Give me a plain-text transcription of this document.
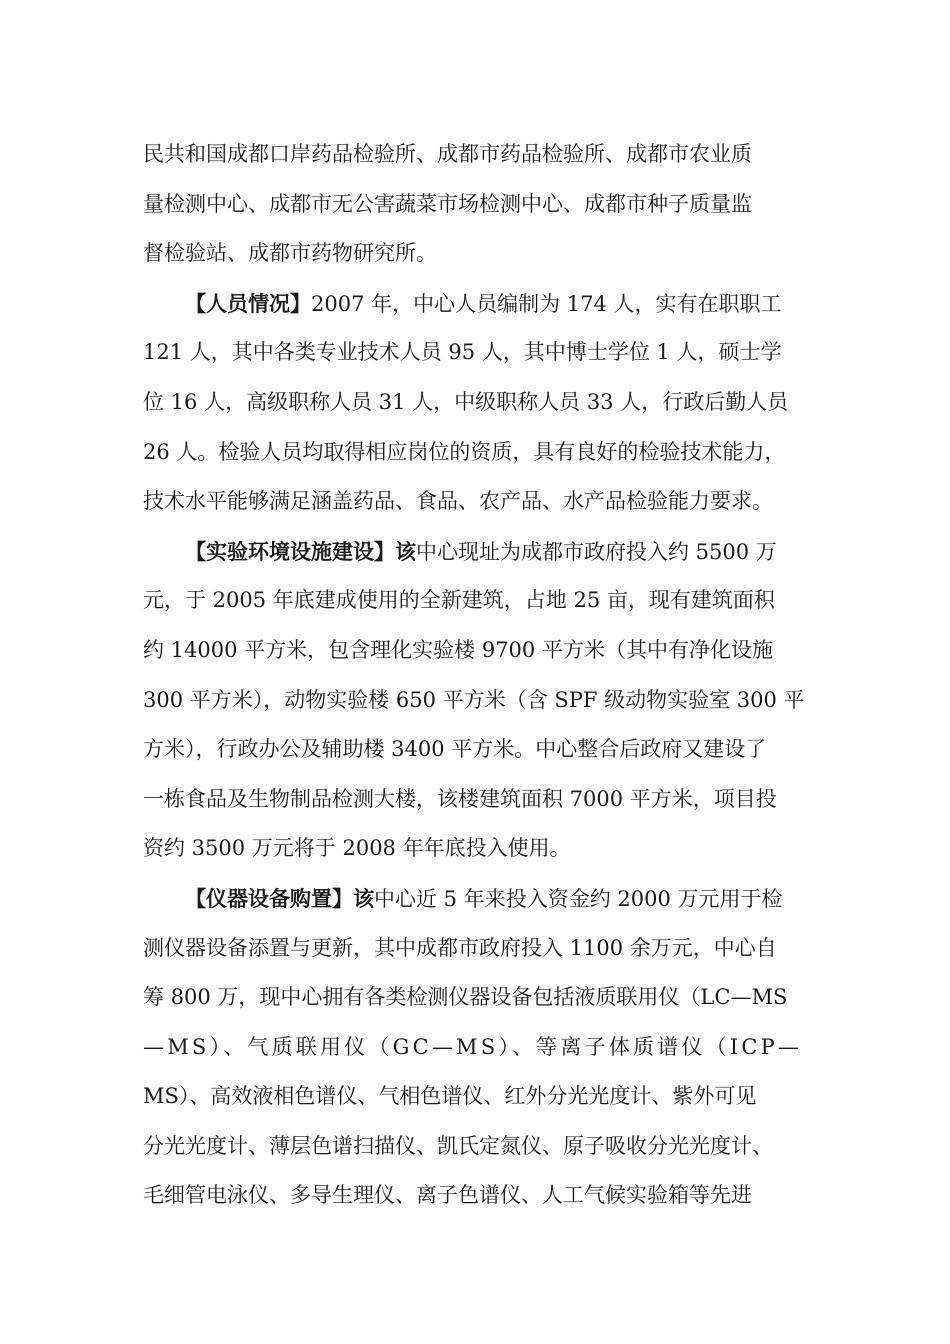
民共和国成都口岸药品检验所、成都市药品检验所、成都市农业质
量检测中心、成都市无公害蔬菜市场检测中心、成都市种子质量监
督检验站、成都市药物研究所。
【人员情况】2007 年，中心人员编制为 174 人，实有在职职工
121 人，其中各类专业技术人员 95 人，其中博士学位 1 人，硕士学
位 16 人，高级职称人员 31 人，中级职称人员 33 人，行政后勤人员
26 人。检验人员均取得相应岗位的资质，具有良好的检验技术能力，
技术水平能够满足涵盖药品、食品、农产品、水产品检验能力要求。
【实验环境设施建设】该中心现址为成都市政府投入约 5500 万
元，于 2005 年底建成使用的全新建筑，占地 25 亩，现有建筑面积
约 14000 平方米，包含理化实验楼 9700 平方米（其中有净化设施
300 平方米），动物实验楼 650 平方米（含 SPF 级动物实验室 300 平
方米），行政办公及辅助楼 3400 平方米。中心整合后政府又建设了
一栋食品及生物制品检测大楼，该楼建筑面积 7000 平方米，项目投
资约 3500 万元将于 2008 年年底投入使用。
【仪器设备购置】该中心近 5 年来投入资金约 2000 万元用于检
测仪器设备添置与更新，其中成都市政府投入 1100 余万元，中心自
筹 800 万，现中心拥有各类检测仪器设备包括液质联用仪（LC—MS
—MS）、气质联用仪（GC—MS）、等离子体质谱仪（ICP—
MS）、高效液相色谱仪、气相色谱仪、红外分光光度计、紫外可见
分光光度计、薄层色谱扫描仪、凯氏定氮仪、原子吸收分光光度计、
毛细管电泳仪、多导生理仪、离子色谱仪、人工气候实验箱等先进
